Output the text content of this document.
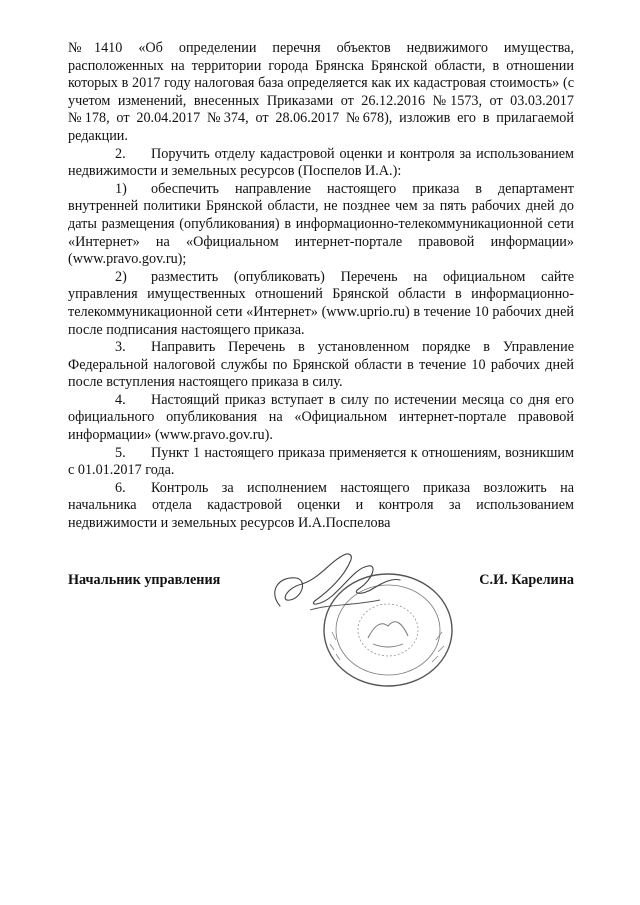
№1410 «Об определении перечня объектов недвижимого имущества, расположенных на территории города Брянска Брянской области, в отношении которых в 2017 году налоговая база определяется как их кадастровая стоимость» (с учетом изменений, внесенных Приказами от 26.12.2016 №1573, от 03.03.2017 №178, от 20.04.2017 №374, от 28.06.2017 №678), изложив его в прилагаемой редакции.

2. Поручить отделу кадастровой оценки и контроля за использованием недвижимости и земельных ресурсов (Поспелов И.А.):

1) обеспечить направление настоящего приказа в департамент внутренней политики Брянской области, не позднее чем за пять рабочих дней до даты размещения (опубликования) в информационно-телекоммуникационной сети «Интернет» на «Официальном интернет-портале правовой информации» (www.pravo.gov.ru);

2) разместить (опубликовать) Перечень на официальном сайте управления имущественных отношений Брянской области в информационно-телекоммуникационной сети «Интернет» (www.uprio.ru) в течение 10 рабочих дней после подписания настоящего приказа.

3. Направить Перечень в установленном порядке в Управление Федеральной налоговой службы по Брянской области в течение 10 рабочих дней после вступления настоящего приказа в силу.

4. Настоящий приказ вступает в силу по истечении месяца со дня его официального опубликования на «Официальном интернет-портале правовой информации» (www.pravo.gov.ru).

5. Пункт 1 настоящего приказа применяется к отношениям, возникшим с 01.01.2017 года.

6. Контроль за исполнением настоящего приказа возложить на начальника отдела кадастровой оценки и контроля за использованием недвижимости и земельных ресурсов И.А.Поспелова

Начальник управления	С.И. Карелина
